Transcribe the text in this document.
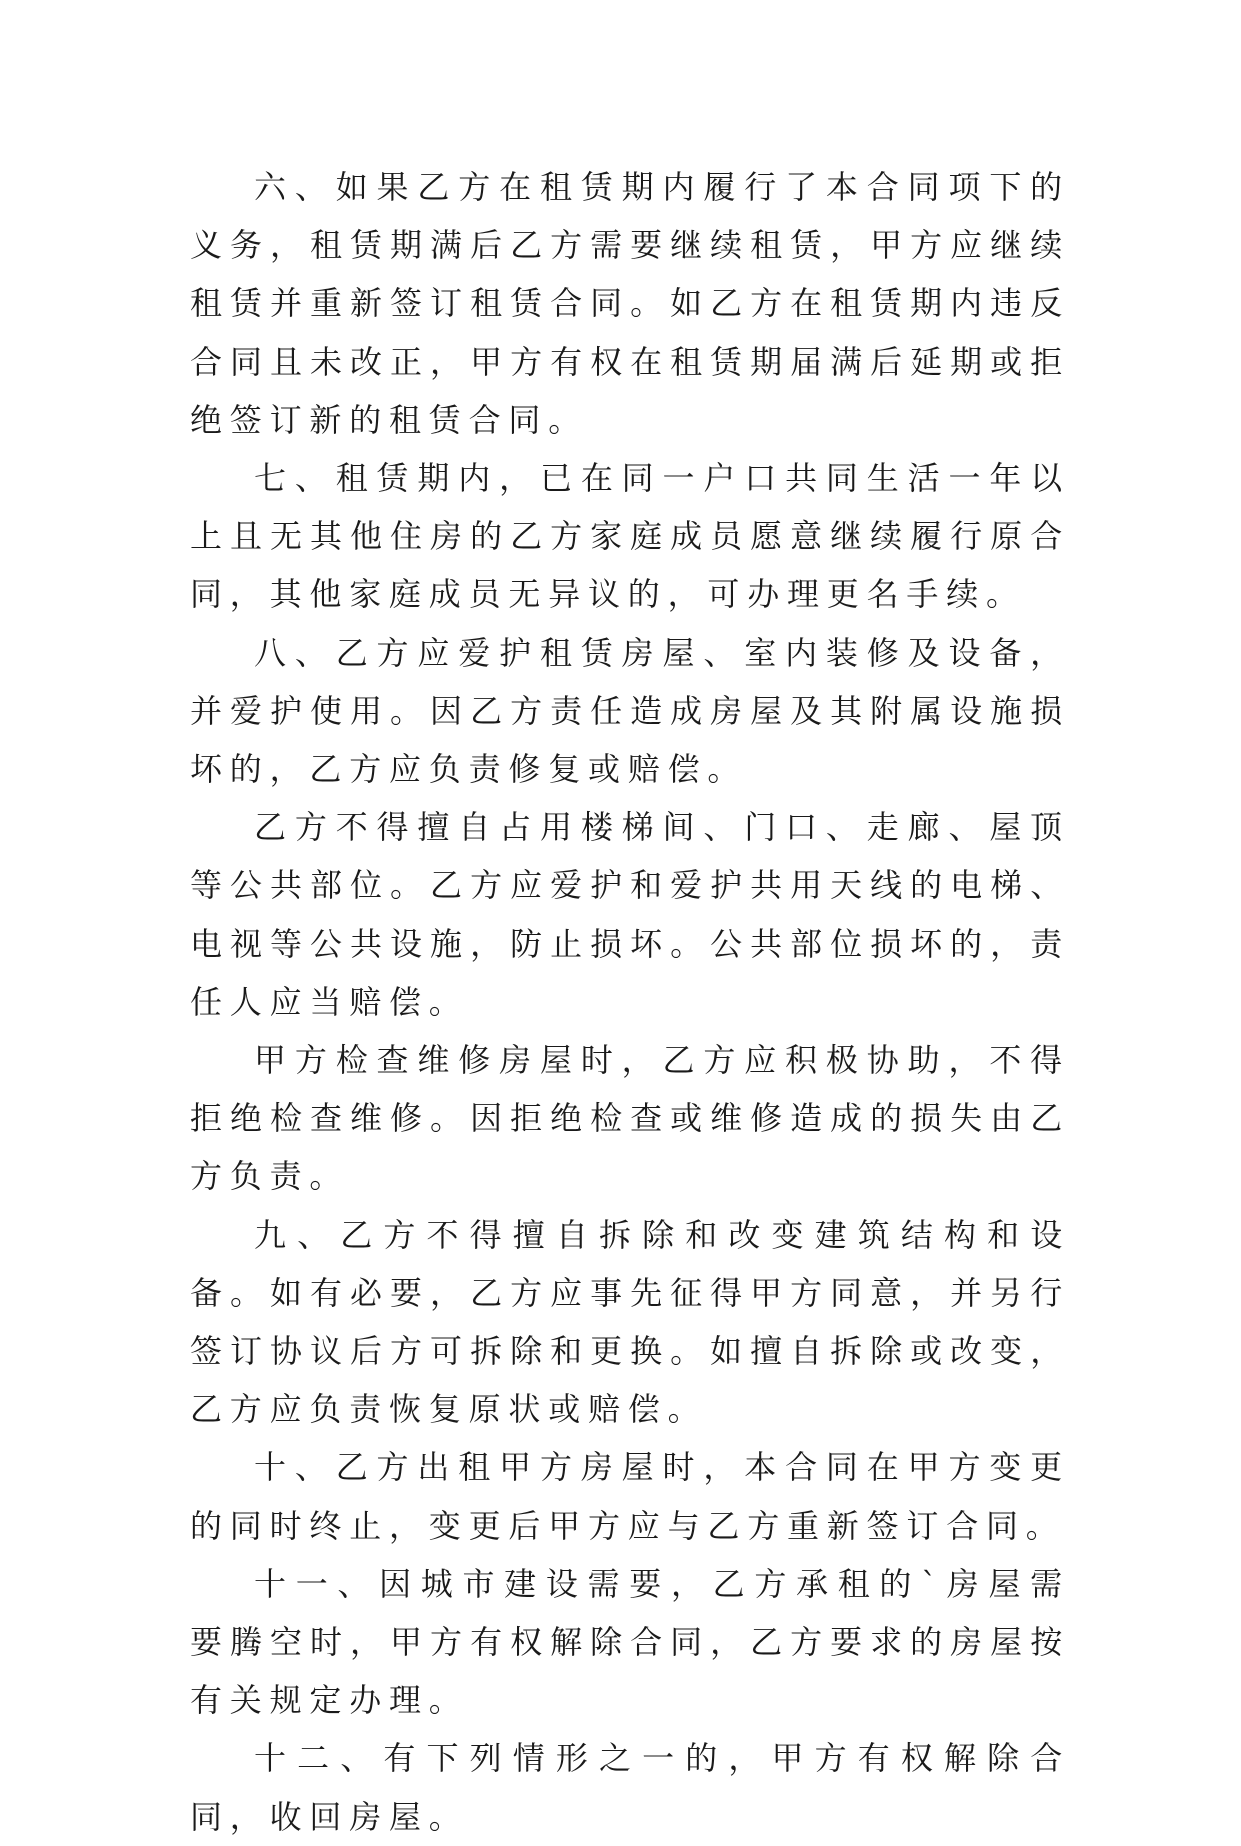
六、如果乙方在租赁期内履行了本合同项下的义务，租赁期满后乙方需要继续租赁，甲方应继续租赁并重新签订租赁合同。如乙方在租赁期内违反合同且未改正，甲方有权在租赁期届满后延期或拒绝签订新的租赁合同。

七、租赁期内，已在同一户口共同生活一年以上且无其他住房的乙方家庭成员愿意继续履行原合同，其他家庭成员无异议的，可办理更名手续。

八、乙方应爱护租赁房屋、室内装修及设备，并爱护使用。因乙方责任造成房屋及其附属设施损坏的，乙方应负责修复或赔偿。

乙方不得擅自占用楼梯间、门口、走廊、屋顶等公共部位。乙方应爱护和爱护共用天线的电梯、电视等公共设施，防止损坏。公共部位损坏的，责任人应当赔偿。

甲方检查维修房屋时，乙方应积极协助，不得拒绝检查维修。因拒绝检查或维修造成的损失由乙方负责。

九、乙方不得擅自拆除和改变建筑结构和设备。如有必要，乙方应事先征得甲方同意，并另行签订协议后方可拆除和更换。如擅自拆除或改变，乙方应负责恢复原状或赔偿。

十、乙方出租甲方房屋时，本合同在甲方变更的同时终止，变更后甲方应与乙方重新签订合同。

十一、因城市建设需要，乙方承租的`房屋需要腾空时，甲方有权解除合同，乙方要求的房屋按有关规定办理。

十二、有下列情形之一的，甲方有权解除合同，收回房屋。
